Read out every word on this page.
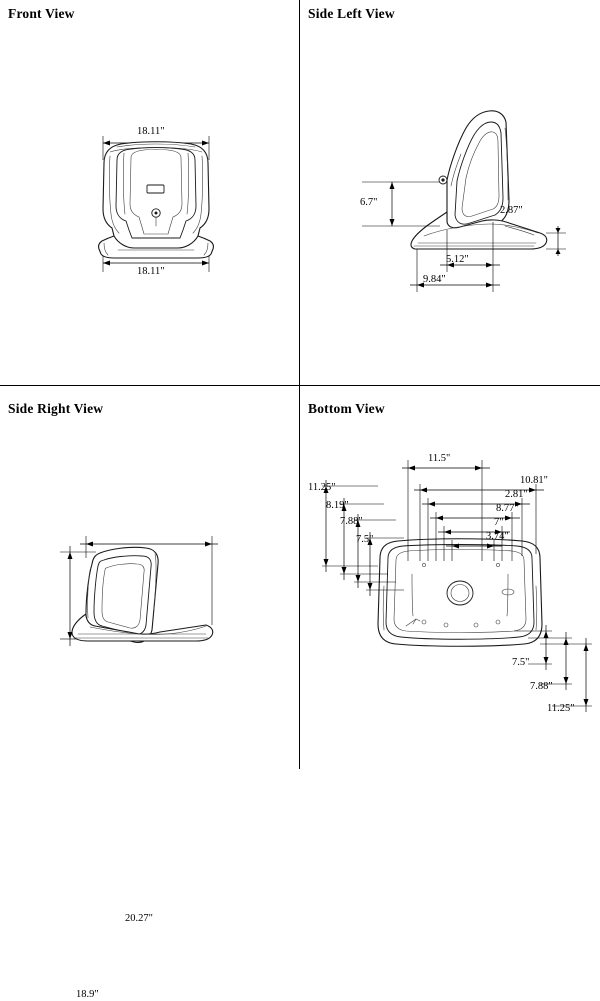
Front View
18.11"
18.11"
Side Left View
6.7"
2.87"
5.12"
9.84"
Side Right View
20.27"
18.9"
Bottom View
11.5"
10.81"
2.81"
8.77"
7"
3.74"
11.25"
8.19"
7.88"
7.5"
7.5"
7.88"
11.25"
